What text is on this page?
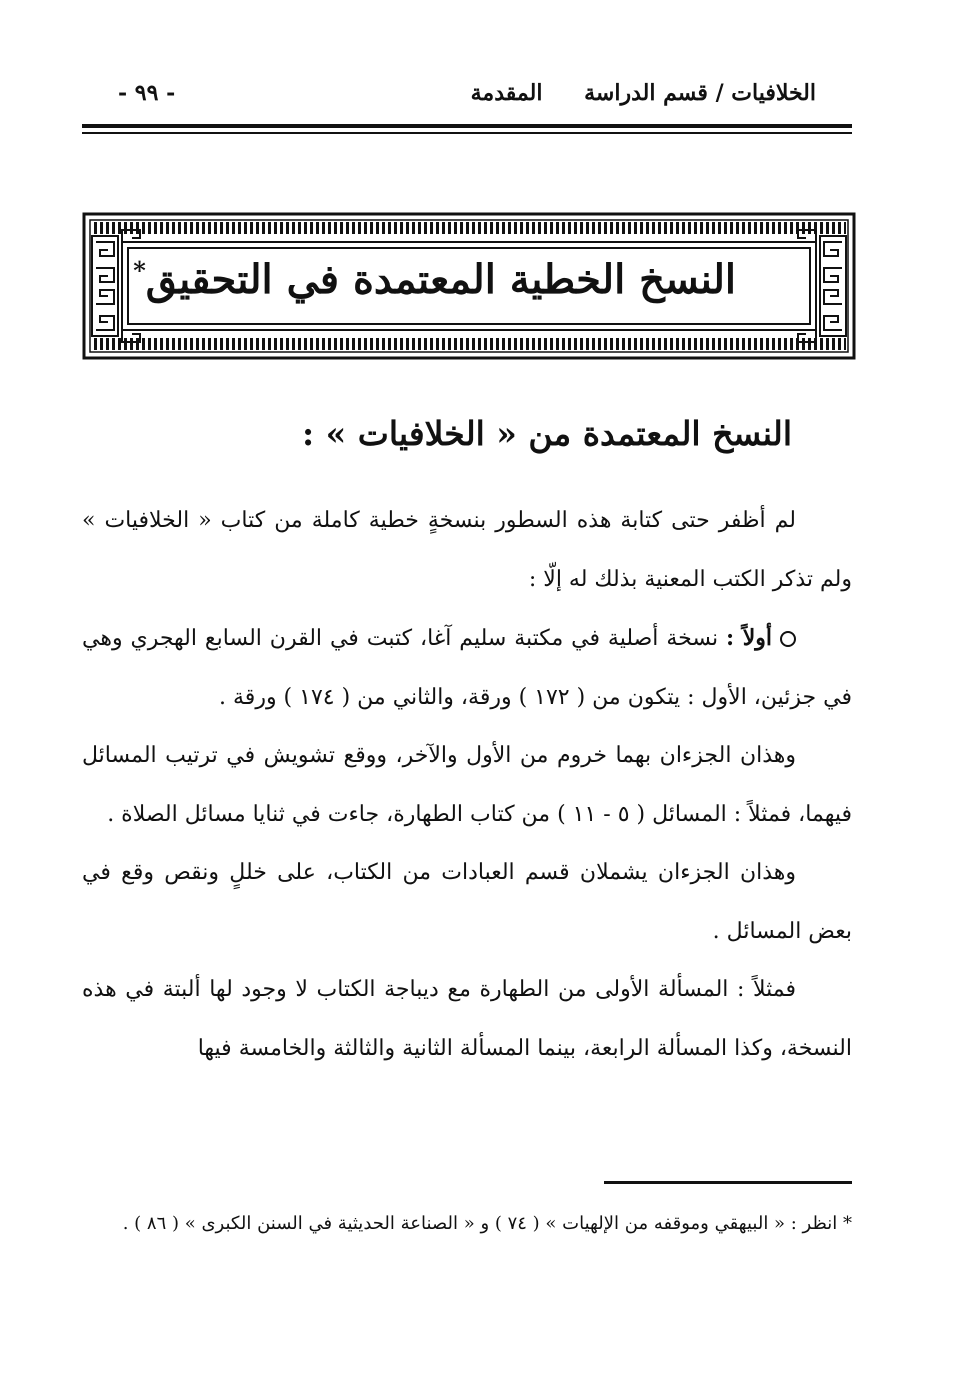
الخلافيات / قسم الدراسة المقدمة
- ٩٩ -
النسخ الخطية المعتمدة في التحقيق*
النسخ المعتمدة من « الخلافيات » :

لم أظفر حتى كتابة هذه السطور بنسخةٍ خطية كاملة من كتاب « الخلافيات » ولم تذكر الكتب المعنية بذلك له إلّا :

أولاً : نسخة أصلية في مكتبة سليم آغا، كتبت في القرن السابع الهجري وهي في جزئين، الأول : يتكون من ( ١٧٢ ) ورقة، والثاني من ( ١٧٤ ) ورقة .

وهذان الجزءان بهما خروم من الأول والآخر، ووقع تشويش في ترتيب المسائل فيهما، فمثلاً : المسائل ( ٥ - ١١ ) من كتاب الطهارة، جاءت في ثنايا مسائل الصلاة .

وهذان الجزءان يشملان قسم العبادات من الكتاب، على خللٍ ونقص وقع في بعض المسائل .

فمثلاً : المسألة الأولى من الطهارة مع ديباجة الكتاب لا وجود لها ألبتة في هذه النسخة، وكذا المسألة الرابعة، بينما المسألة الثانية والثالثة والخامسة فيها

* انظر : « البيهقي وموقفه من الإلهيات » ( ٧٤ ) و « الصناعة الحديثية في السنن الكبرى » ( ٨٦ ) .
